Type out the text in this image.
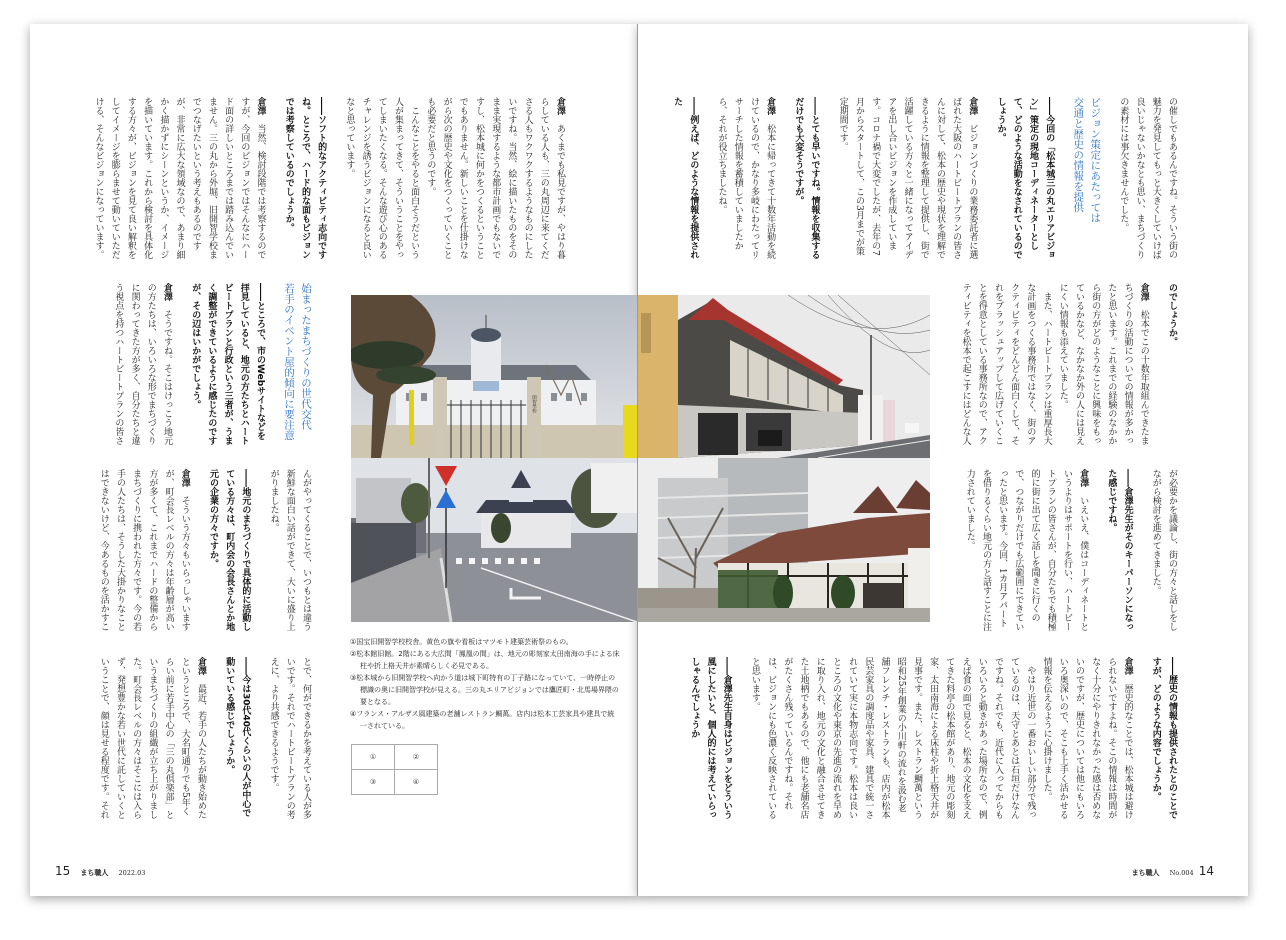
倉澤　あくまでも私見ですが、やはり暮らしている人も、三の丸周辺に来てくださる人もワクワクするようなものにしたいですね。当然、絵に描いたものをそのまま実現するような都市計画でもないですし、松本城に何かをつくるということでもありません。新しいことを仕掛けながら次の歴史や文化をつくっていくことも必要だと思うのです。
　こんなことをやると面白そうだという人が集まってきて、そういうことをやってしまいたくなる。そんな遊び心のあるチャレンジを誘うビジョンになると良いなと思っています。
――ソフト的なアクティビティ志向ですね。ところで、ハード的な面もビジョンでは考察しているのでしょうか。
倉澤　当然、検討段階では考察するのですが、今回のビジョンではそんなにハード面の詳しいところまでは踏み込んでいません。三の丸から外堀、旧開智学校までつなげたいという考えもあるのですが、非常に広大な領域なので、あまり細かく描かずにシーンというか、イメージを描いています。これから検討を具体化する方々が、ビジョンを見て良い解釈をしてイメージを膨らませて動いていただける、そんなビジョンになっています。
始まったまちづくりの世代交代
若手のイベント屋的傾向に要注意
――ところで、市のWebサイトなどを拝見していると、地元の方たちとハートビートプランと行政という三者が、うまく調整ができているように感じたのですが、その辺はいかがでしょう。
倉澤　そうですね。そこはけっこう地元の方たちは、いろいろな形でまちづくりに関わってきた方が多く、自分たちと違う視点を持つハートビートプランの皆さ
んがやってくることで、いつもとは違う新鮮な面白い話ができて、大いに盛り上がりましたね。
――地元のまちづくりで具体的に活動している方々は、町内会の会長さんとか地元の企業の方々ですか。
倉澤　そういう方々もいらっしゃいますが、町会長レベルの方々は年齢層が高い方が多くて、これまでハードの整備からまちづくりに携われた方々です。今の若手の人たちは、そうした大掛かりなことはできないけど、今あるものを活かすこ
とで、何ができるかを考えている人が多いです。それでハートビートプランの考えに、より共感できるようです。
――今は30代40代くらいの人が中心で動いている感じでしょうか。
倉澤　最近、若手の人たちが動き始めたというところで、大名町通りでも5年くらい前に若手中心の「三の丸倶楽部」というまちづくりの組織が立ち上がりました。町会長レベルの方々はそこには入らず、発想豊かな若い世代に託していくということで、顔は見せる程度です。それ
の催しでもあるんですね。そういう街の魅力を発見してもっと大きくしていけば良いじゃないかなとも思い、まちづくりの素材には事欠きませんでした。
ビジョン策定にあたっては
交通と歴史の情報を提供
――今回の「松本城三の丸エリアビジョン」策定の現地コーディネーターとして、どのような活動をなされているのでしょうか。
倉澤　ビジョンづくりの業務委託者に選ばれた大阪のハートビートプランの皆さんに対して、松本の歴史や現状を理解できるように情報を整理して提供し、街で活躍している方々と一緒になってアイデアを出し合いビジョンを作成しています。コロナ禍で大変でしたが、去年の7月からスタートして、この3月までが策定期間です。
――とても早いですね。情報を収集するだけでも大変そうですが。
倉澤　松本に帰ってきて十数年活動を続けているので、かなり多岐にわたってリサーチした情報を蓄積していましたから、それが役立ちましたね。
――例えば、どのような情報を提供された
のでしょうか。
倉澤　松本でこの十数年取組んできたまちづくりの活動についての情報が多かったと思います。これまでの経験のなかから街の方がどのようなことに興味をもっているかなど、なかなか外の人には見えにくい情報も添えていました。
　また、ハートビートプランは重厚長大な計画をつくる事務所ではなく、街のアクティビティをどんどん面白くして、それをブラッシュアップして広げていくことを得意としている事務所なので、アクティビティを松本で起こすにはどんな人
が必要かを議論し、街の方々と話しをしながら検討を進めてきました。
――倉澤先生がそのキーパーソンになった感じですね。
倉澤　いえいえ、僕はコーディネートというよりはサポートを行い、ハートビートプランの皆さんが、自分たちでも積極的に街に出て広く話しを聞きに行くので、つながりだけでも広範囲にできていったと思います。今回、1カ月アパートを借りるくらい地元の方と話すことに注力されていました。
――歴史の情報も提供されたとのことですが、どのような内容でしょうか。
倉澤　歴史的なことでは、松本城は避けられないですよね。そこの情報は時間がなく十分にやりきれなかった感は否めないのですが、歴史については他にもいろいろ奥深いので、そこも上手く活かせる情報を伝えるように心掛けました。
　やはり近世の一番おいしい部分で残っているのは、天守とあとは石垣だけなんですね。それでも、近代に入ってからもいろいろと動きがあった場所なので、例えば食の面で見ると、松本の文化を支えてきた料亭の松本館があり、地元の彫刻家、太田南海による床柱や折上格天井が見事です。また、レストラン鯛萬という昭和25年創業の小川軒の流れを汲む老舗フレンチ・レストランも、店内が松本民芸家具の調度品や家具、建具で統一されていて実に本物志向です。松本は良いところの文化や東京の先進の流れを早めに取り入れ、地元の文化と融合させてきた土地柄でもあるので、他にも老舗名店がたくさん残っているんですね。それは、ビジョンにも色濃く反映されていると思います。
――倉澤先生自身はビジョンをどういう風にしたいと、個人的には考えていらっしゃるんでしょうか
開智學校
①国宝旧開智学校校舎。黄色の旗や看板はマツモト建築芸術祭のもの。
②松本館旧館。2階にある大広間「鳳凰の間」は、地元の彫刻家太田南海の手による床柱や折上格天井が素晴らしく必見である。
③松本城から旧開智学校へ向かう道は城下町特有の丁子路になっていて、一時停止の標識の奥に旧開智学校が見える。三の丸エリアビジョンでは鷹匠町・北馬場界隈の要となる。
④フランス・アルザス風建築の老舗レストラン鯛萬。店内は松本工芸家具や建具で統一されている。
①	②
③	④
15 まち職人 2022.03	まち職人 No.004 14
